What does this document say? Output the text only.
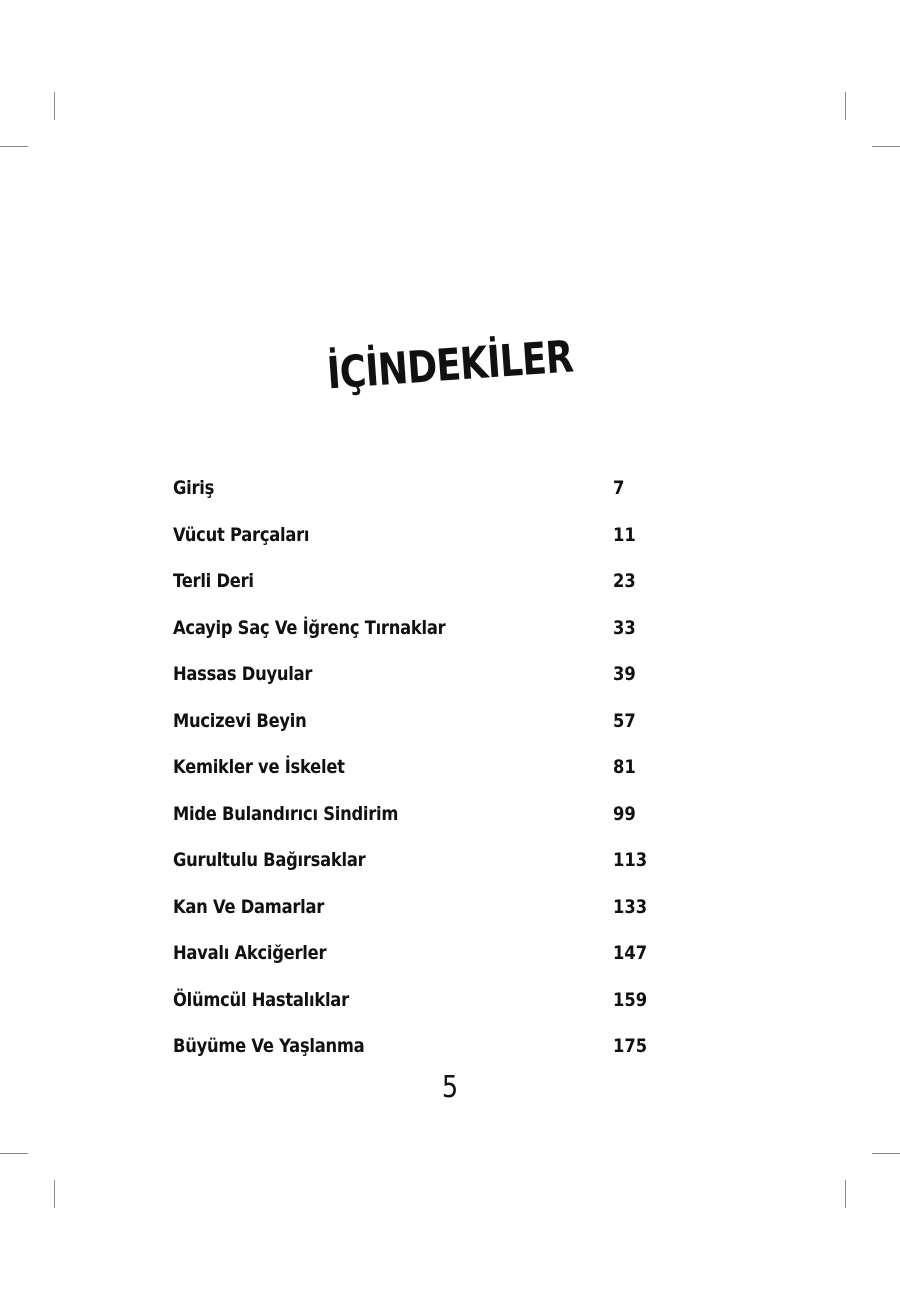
İÇİNDEKİLER
Giriş	7
Vücut Parçaları	11
Terli Deri	23
Acayip Saç Ve İğrenç Tırnaklar	33
Hassas Duyular	39
Mucizevi Beyin	57
Kemikler ve İskelet	81
Mide Bulandırıcı Sindirim	99
Gurultulu Bağırsaklar	113
Kan Ve Damarlar	133
Havalı Akciğerler	147
Ölümcül Hastalıklar	159
Büyüme Ve Yaşlanma	175
5
